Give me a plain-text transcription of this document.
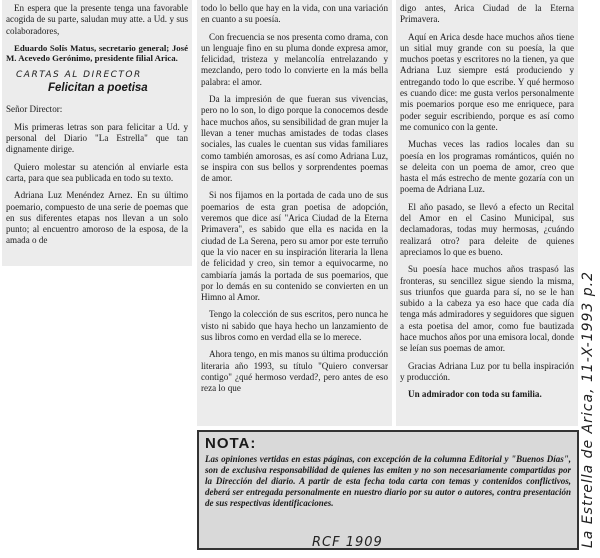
En espera que la presente tenga una favorable acogida de su parte, saludan muy atte. a Ud. y sus colaboradores,

Eduardo Solís Matus, secretario general; José M. Acevedo Gerónimo, presidente filial Arica.

CARTAS AL DIRECTOR
Felicitan a poetisa

Señor Director:

Mis primeras letras son para felicitar a Ud. y personal del Diario "La Estrella" que tan dignamente dirige.

Quiero molestar su atención al enviarle esta carta, para que sea publicada en todo su texto.

Adriana Luz Menéndez Arnez. En su último poemario, compuesto de una serie de poemas que en sus diferentes etapas nos llevan a un solo punto; al encuentro amoroso de la esposa, de la amada o de

todo lo bello que hay en la vida, con una variación en cuanto a su poesía.

Con frecuencia se nos presenta como drama, con un lenguaje fino en su pluma donde expresa amor, felicidad, tristeza y melancolía entrelazando y mezclando, pero todo lo convierte en la más bella palabra: el amor.

Da la impresión de que fueran sus vivencias, pero no lo son, lo digo porque la conocemos desde hace muchos años, su sensibilidad de gran mujer la llevan a tener muchas amistades de todas clases sociales, las cuales le cuentan sus vidas familiares como también amorosas, es así como Adriana Luz, se inspira con sus bellos y sorprendentes poemas de amor.

Si nos fijamos en la portada de cada uno de sus poemarios de esta gran poetisa de adopción, veremos que dice así "Arica Ciudad de la Eterna Primavera", es sabido que ella es nacida en la ciudad de La Serena, pero su amor por este terruño que la vio nacer en su inspiración literaria la llena de felicidad y creo, sin temor a equivocarme, no cambiaría jamás la portada de sus poemarios, que por lo demás en su contenido se convierten en un Himno al Amor.

Tengo la colección de sus escritos, pero nunca he visto ni sabido que haya hecho un lanzamiento de sus libros como en verdad ella se lo merece.

Ahora tengo, en mis manos su última producción literaria año 1993, su título "Quiero conversar contigo" ¿qué hermoso verdad?, pero antes de eso reza lo que

digo antes, Arica Ciudad de la Eterna Primavera.

Aquí en Arica desde hace muchos años tiene un sitial muy grande con su poesía, la que muchos poetas y escritores no la tienen, ya que Adriana Luz siempre está produciendo y entregando todo lo que escribe. Y qué hermoso es cuando dice: me gusta verlos personalmente mis poemarios porque eso me enriquece, para poder seguir escribiendo, porque es así como me comunico con la gente.

Muchas veces las radios locales dan su poesía en los programas románticos, quién no se deleita con un poema de amor, creo que hasta el más estrecho de mente gozaría con un poema de Adriana Luz.

El año pasado, se llevó a efecto un Recital del Amor en el Casino Municipal, sus declamadoras, todas muy hermosas, ¿cuándo realizará otro? para deleite de quienes apreciamos lo que es bueno.

Su poesía hace muchos años traspasó las fronteras, su sencillez sigue siendo la misma, sus triunfos que guarda para sí, no se le han subido a la cabeza ya eso hace que cada día tenga más admiradores y seguidores que siguen a esta poetisa del amor, como fue bautizada hace muchos años por una emisora local, donde se leían sus poemas de amor.

Gracias Adriana Luz por tu bella inspiración y producción.

Un admirador con toda su familia.

NOTA:

Las opiniones vertidas en estas páginas, con excepción de la columna Editorial y "Buenos Días", son de exclusiva responsabilidad de quienes las emiten y no son necesariamente compartidas por la Dirección del diario. A partir de esta fecha toda carta con temas y contenidos conflictivos, deberá ser entregada personalmente en nuestro diario por su autor o autores, contra presentación de sus respectivas identificaciones.	La Estrella de Arica, 11-X-1993 p.2
RCF 1909
